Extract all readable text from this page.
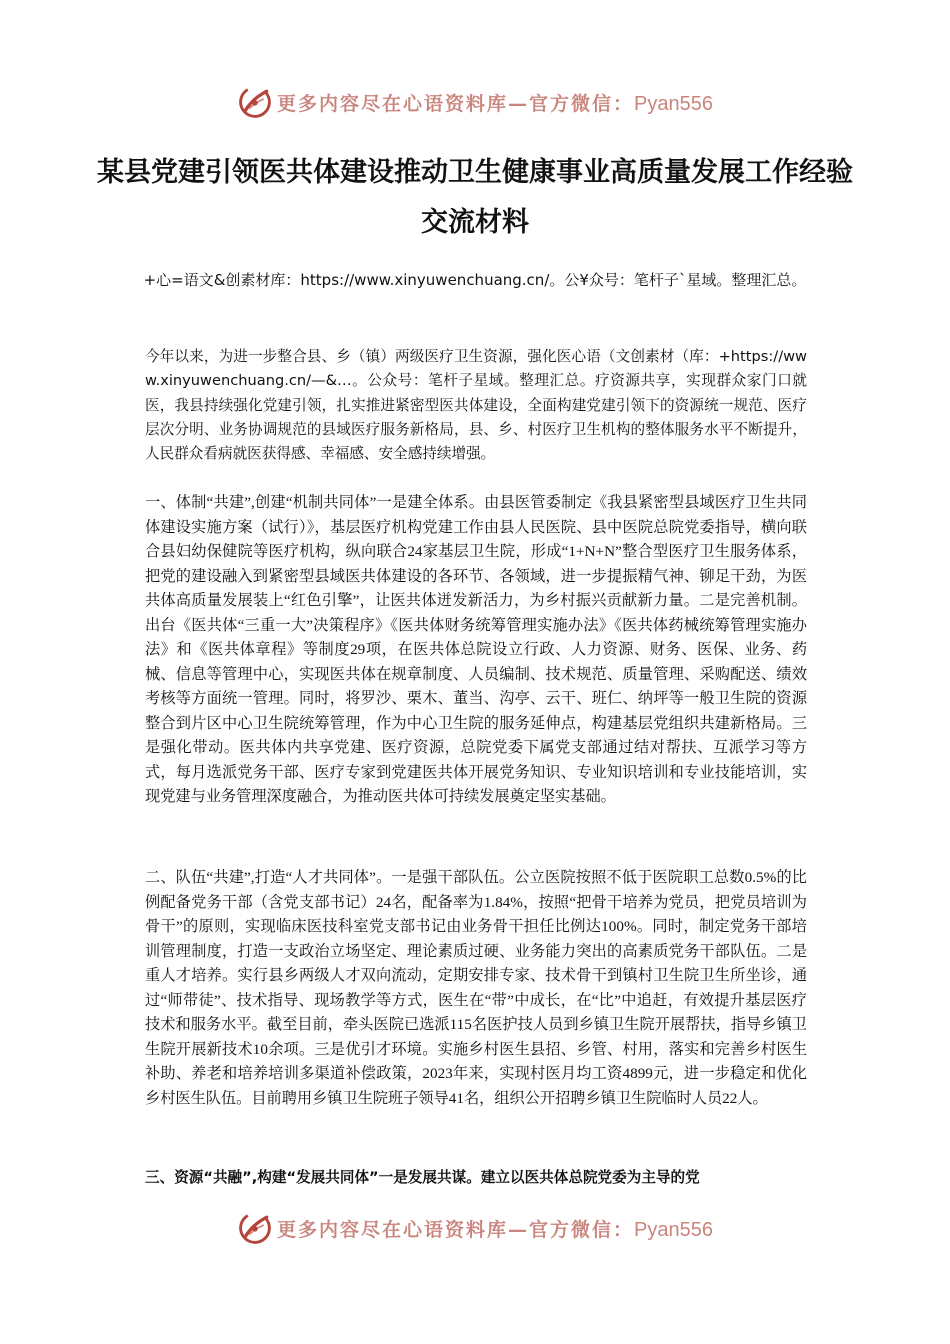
更多内容尽在心语资料库—官方微信：Pyan556
某县党建引领医共体建设推动卫生健康事业高质量发展工作经验交流材料
+心=语文&创素材库：https://www.xinyuwenchuang.cn/。公¥众号：笔杆子`星域。整理汇总。
今年以来，为进一步整合县、乡（镇）两级医疗卫生资源，强化医心语（文创素材（库：+https://www.xinyuwenchuang.cn/—&…。公众号：笔杆子星域。整理汇总。疗资源共享，实现群众家门口就医，我县持续强化党建引领，扎实推进紧密型医共体建设，全面构建党建引领下的资源统一规范、医疗层次分明、业务协调规范的县域医疗服务新格局，县、乡、村医疗卫生机构的整体服务水平不断提升，人民群众看病就医获得感、幸福感、安全感持续增强。
一、体制“共建”,创建“机制共同体”一是建全体系。由县医管委制定《我县紧密型县域医疗卫生共同体建设实施方案（试行）》，基层医疗机构党建工作由县人民医院、县中医院总院党委指导，横向联合县妇幼保健院等医疗机构，纵向联合24家基层卫生院，形成“1+N+N”整合型医疗卫生服务体系，把党的建设融入到紧密型县域医共体建设的各环节、各领域，进一步提振精气神、铆足干劲，为医共体高质量发展装上“红色引擎”，让医共体迸发新活力，为乡村振兴贡献新力量。二是完善机制。出台《医共体“三重一大”决策程序》《医共体财务统筹管理实施办法》《医共体药械统筹管理实施办法》和《医共体章程》等制度29项，在医共体总院设立行政、人力资源、财务、医保、业务、药械、信息等管理中心，实现医共体在规章制度、人员编制、技术规范、质量管理、采购配送、绩效考核等方面统一管理。同时，将罗沙、栗木、董当、沟亭、云干、班仁、纳坪等一般卫生院的资源整合到片区中心卫生院统筹管理，作为中心卫生院的服务延伸点，构建基层党组织共建新格局。三是强化带动。医共体内共享党建、医疗资源，总院党委下属党支部通过结对帮扶、互派学习等方式，每月选派党务干部、医疗专家到党建医共体开展党务知识、专业知识培训和专业技能培训，实现党建与业务管理深度融合，为推动医共体可持续发展奠定坚实基础。
二、队伍“共建”,打造“人才共同体”。一是强干部队伍。公立医院按照不低于医院职工总数0.5%的比例配备党务干部（含党支部书记）24名，配备率为1.84%，按照“把骨干培养为党员，把党员培训为骨干”的原则，实现临床医技科室党支部书记由业务骨干担任比例达100%。同时，制定党务干部培训管理制度，打造一支政治立场坚定、理论素质过硬、业务能力突出的高素质党务干部队伍。二是重人才培养。实行县乡两级人才双向流动，定期安排专家、技术骨干到镇村卫生院卫生所坐诊，通过“师带徒”、技术指导、现场教学等方式，医生在“带”中成长，在“比”中追赶，有效提升基层医疗技术和服务水平。截至目前，牵头医院已选派115名医护技人员到乡镇卫生院开展帮扶，指导乡镇卫生院开展新技术10余项。三是优引才环境。实施乡村医生县招、乡管、村用，落实和完善乡村医生补助、养老和培养培训多渠道补偿政策，2023年来，实现村医月均工资4899元，进一步稳定和优化乡村医生队伍。目前聘用乡镇卫生院班子领导41名，组织公开招聘乡镇卫生院临时人员22人。
三、资源“共融”,构建“发展共同体”一是发展共谋。建立以医共体总院党委为主导的党
更多内容尽在心语资料库—官方微信：Pyan556
